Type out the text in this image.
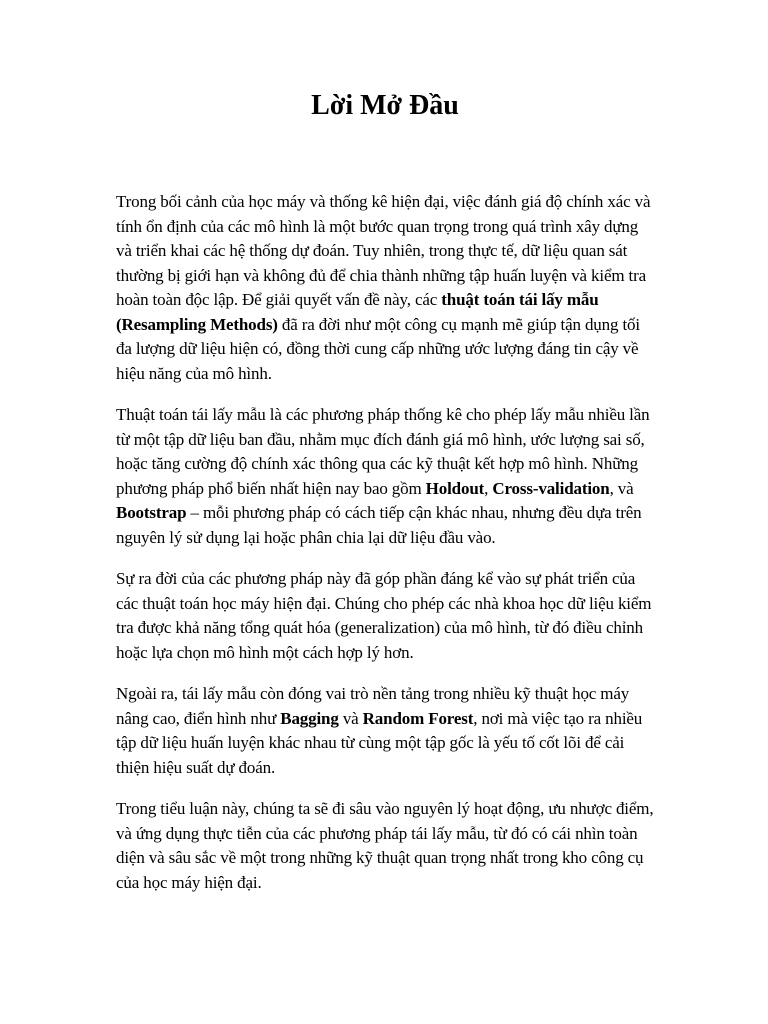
Lời Mở Đầu

Trong bối cảnh của học máy và thống kê hiện đại, việc đánh giá độ chính xác và tính ổn định của các mô hình là một bước quan trọng trong quá trình xây dựng và triển khai các hệ thống dự đoán. Tuy nhiên, trong thực tế, dữ liệu quan sát thường bị giới hạn và không đủ để chia thành những tập huấn luyện và kiểm tra hoàn toàn độc lập. Để giải quyết vấn đề này, các thuật toán tái lấy mẫu (Resampling Methods) đã ra đời như một công cụ mạnh mẽ giúp tận dụng tối đa lượng dữ liệu hiện có, đồng thời cung cấp những ước lượng đáng tin cậy về hiệu năng của mô hình.

Thuật toán tái lấy mẫu là các phương pháp thống kê cho phép lấy mẫu nhiều lần từ một tập dữ liệu ban đầu, nhằm mục đích đánh giá mô hình, ước lượng sai số, hoặc tăng cường độ chính xác thông qua các kỹ thuật kết hợp mô hình. Những phương pháp phổ biến nhất hiện nay bao gồm Holdout, Cross-validation, và Bootstrap – mỗi phương pháp có cách tiếp cận khác nhau, nhưng đều dựa trên nguyên lý sử dụng lại hoặc phân chia lại dữ liệu đầu vào.

Sự ra đời của các phương pháp này đã góp phần đáng kể vào sự phát triển của các thuật toán học máy hiện đại. Chúng cho phép các nhà khoa học dữ liệu kiểm tra được khả năng tổng quát hóa (generalization) của mô hình, từ đó điều chỉnh hoặc lựa chọn mô hình một cách hợp lý hơn.

Ngoài ra, tái lấy mẫu còn đóng vai trò nền tảng trong nhiều kỹ thuật học máy nâng cao, điển hình như Bagging và Random Forest, nơi mà việc tạo ra nhiều tập dữ liệu huấn luyện khác nhau từ cùng một tập gốc là yếu tố cốt lõi để cải thiện hiệu suất dự đoán.

Trong tiểu luận này, chúng ta sẽ đi sâu vào nguyên lý hoạt động, ưu nhược điểm, và ứng dụng thực tiễn của các phương pháp tái lấy mẫu, từ đó có cái nhìn toàn diện và sâu sắc về một trong những kỹ thuật quan trọng nhất trong kho công cụ của học máy hiện đại.
